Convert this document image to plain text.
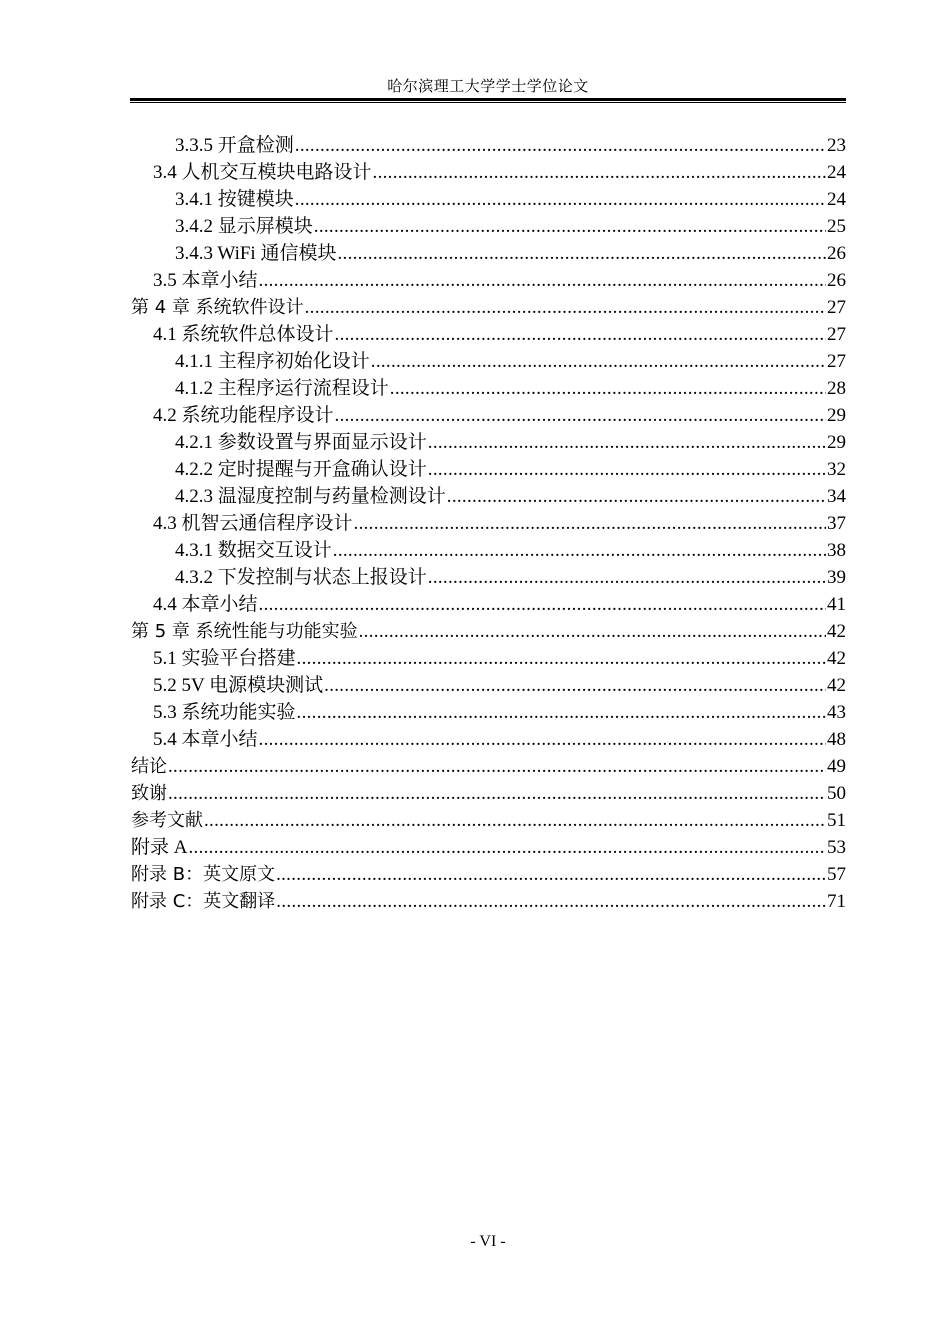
哈尔滨理工大学学士学位论文
3.3.5 开盒检测 .....	23
3.4 人机交互模块电路设计 .....	24
3.4.1 按键模块 .....	24
3.4.2 显示屏模块 .....	25
3.4.3 WiFi 通信模块 .....	26
3.5 本章小结 .....	26
第 4 章 系统软件设计 .....	27
4.1 系统软件总体设计 .....	27
4.1.1 主程序初始化设计 .....	27
4.1.2 主程序运行流程设计 .....	28
4.2 系统功能程序设计 .....	29
4.2.1 参数设置与界面显示设计 .....	29
4.2.2 定时提醒与开盒确认设计 .....	32
4.2.3 温湿度控制与药量检测设计 .....	34
4.3 机智云通信程序设计 .....	37
4.3.1 数据交互设计 .....	38
4.3.2 下发控制与状态上报设计 .....	39
4.4 本章小结 .....	41
第 5 章 系统性能与功能实验 .....	42
5.1 实验平台搭建 .....	42
5.2 5V 电源模块测试 .....	42
5.3 系统功能实验 .....	43
5.4 本章小结 .....	48
结论 .....	49
致谢 .....	50
参考文献 .....	51
附录 A .....	53
附录 B：英文原文 .....	57
附录 C：英文翻译 .....	71
- VI -
